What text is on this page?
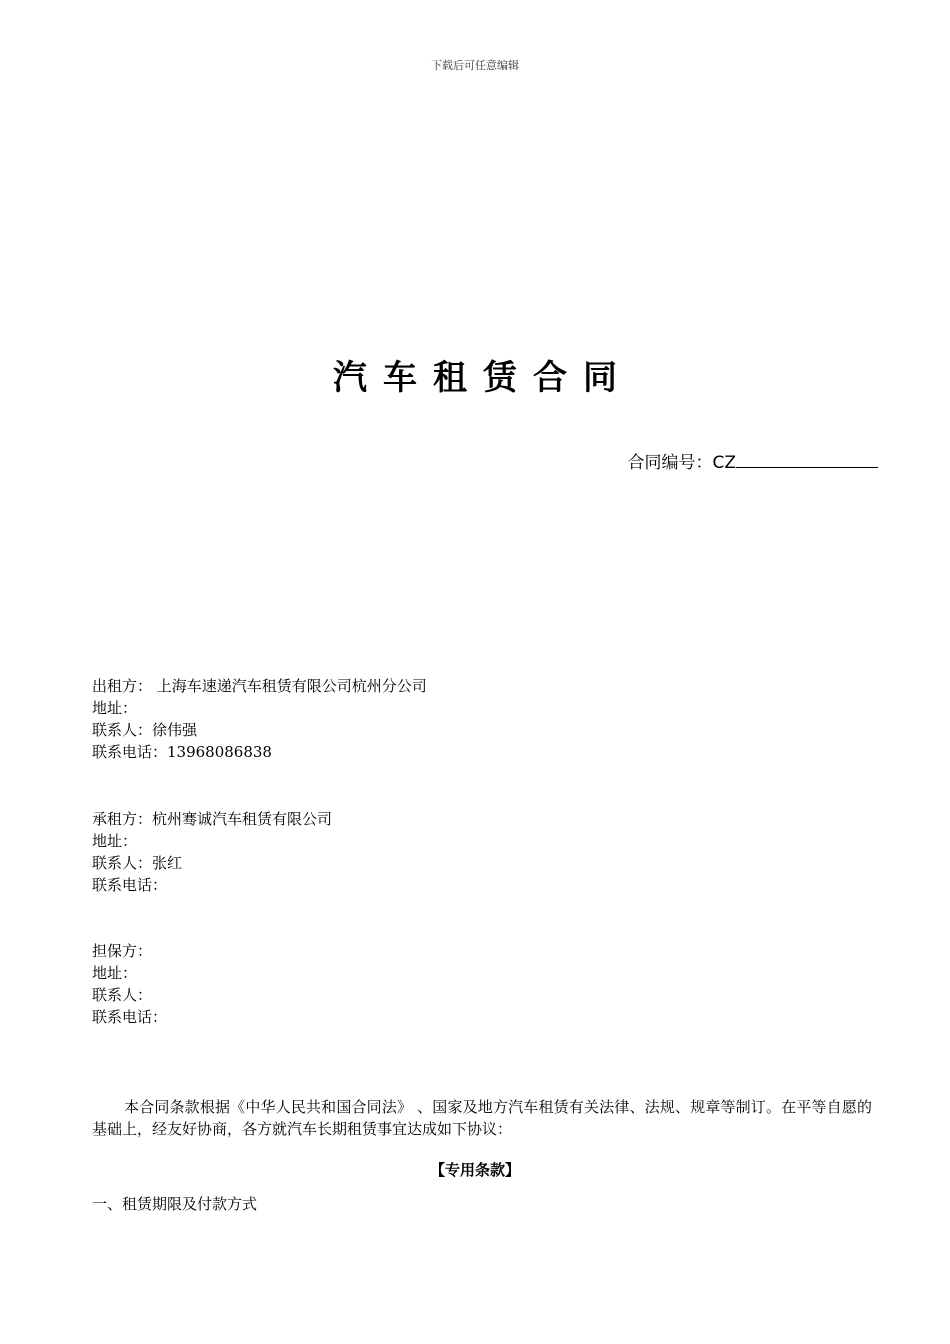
下载后可任意编辑
汽车租赁合同
合同编号：CZ
出租方： 上海车速递汽车租赁有限公司杭州分公司
地址：
联系人：徐伟强
联系电话：13968086838
承租方：杭州骞诚汽车租赁有限公司
地址：
联系人：张红
联系电话：
担保方：
地址：
联系人：
联系电话：
本合同条款根据《中华人民共和国合同法》 、国家及地方汽车租赁有关法律、法规、规章等制订。在平等自愿的基础上，经友好协商，各方就汽车长期租赁事宜达成如下协议：
【专用条款】
一、租赁期限及付款方式
